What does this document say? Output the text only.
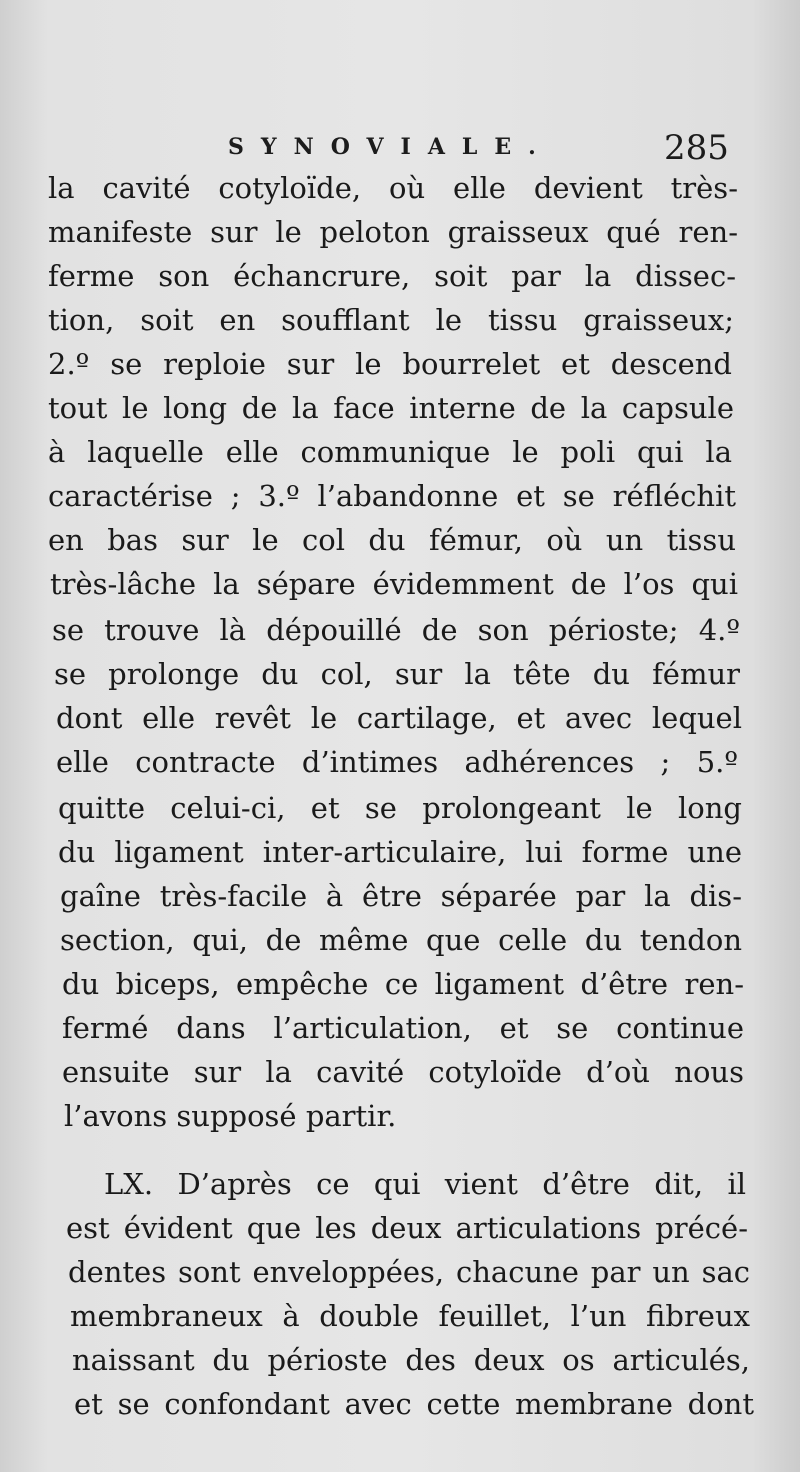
SYNOVIALE.	285
la cavité cotyloïde, où elle devient très-
manifeste sur le peloton graisseux qué ren-
ferme son échancrure, soit par la dissec-
tion, soit en soufflant le tissu graisseux;
2.º se reploie sur le bourrelet et descend
tout le long de la face interne de la capsule
à laquelle elle communique le poli qui la
caractérise ; 3.º l’abandonne et se réfléchit
en bas sur le col du fémur, où un tissu
très-lâche la sépare évidemment de l’os qui
se trouve là dépouillé de son périoste; 4.º
se prolonge du col, sur la tête du fémur
dont elle revêt le cartilage, et avec lequel
elle contracte d’intimes adhérences ; 5.º
quitte celui-ci, et se prolongeant le long
du ligament inter-articulaire, lui forme une
gaîne très-facile à être séparée par la dis-
section, qui, de même que celle du tendon
du biceps, empêche ce ligament d’être ren-
fermé dans l’articulation, et se continue
ensuite sur la cavité cotyloïde d’où nous
l’avons supposé partir.
LX. D’après ce qui vient d’être dit, il
est évident que les deux articulations précé-
dentes sont enveloppées, chacune par un sac
membraneux à double feuillet, l’un fibreux
naissant du périoste des deux os articulés,
et se confondant avec cette membrane dont
